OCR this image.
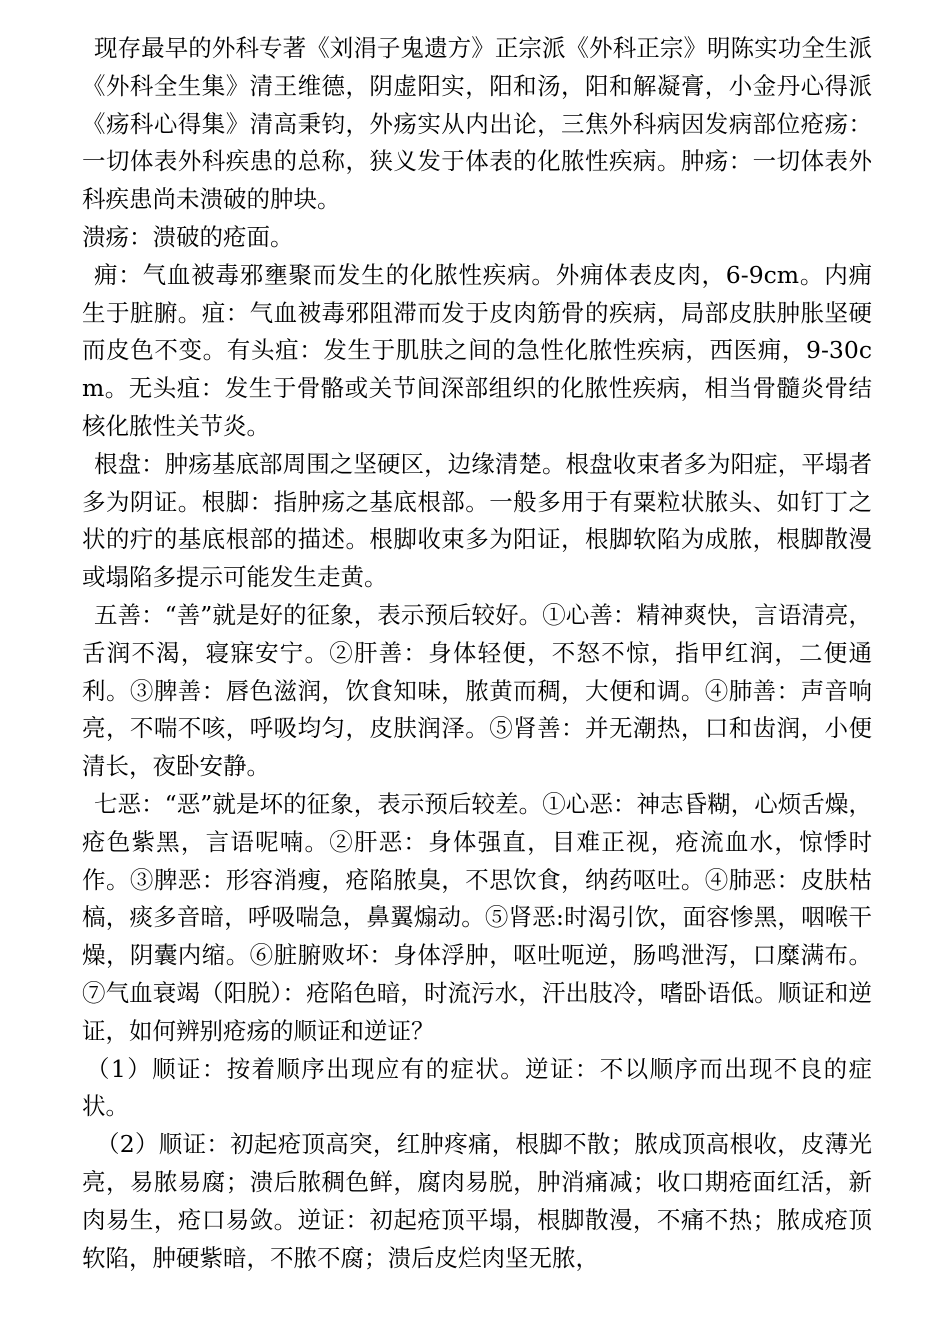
现存最早的外科专著《刘涓子鬼遗方》正宗派《外科正宗》明陈实功全生派《外科全生集》清王维德，阴虚阳实，阳和汤，阳和解凝膏，小金丹心得派《疡科心得集》清高秉钧，外疡实从内出论，三焦外科病因发病部位疮疡：一切体表外科疾患的总称，狭义发于体表的化脓性疾病。肿疡：一切体表外科疾患尚未溃破的肿块。

溃疡：溃破的疮面。

痈：气血被毒邪壅聚而发生的化脓性疾病。外痈体表皮肉，6-9cm。内痈生于脏腑。疽：气血被毒邪阻滞而发于皮肉筋骨的疾病，局部皮肤肿胀坚硬而皮色不变。有头疽：发生于肌肤之间的急性化脓性疾病，西医痈，9-30cm。无头疽：发生于骨骼或关节间深部组织的化脓性疾病，相当骨髓炎骨结核化脓性关节炎。

根盘：肿疡基底部周围之坚硬区，边缘清楚。根盘收束者多为阳症，平塌者多为阴证。根脚：指肿疡之基底根部。一般多用于有粟粒状脓头、如钉丁之状的疔的基底根部的描述。根脚收束多为阳证，根脚软陷为成脓，根脚散漫或塌陷多提示可能发生走黄。

五善：“善”就是好的征象，表示预后较好。①心善：精神爽快，言语清亮，舌润不渴，寝寐安宁。②肝善：身体轻便，不怒不惊，指甲红润，二便通利。③脾善：唇色滋润，饮食知味，脓黄而稠，大便和调。④肺善：声音响亮，不喘不咳，呼吸均匀，皮肤润泽。⑤肾善：并无潮热，口和齿润，小便清长，夜卧安静。

七恶：“恶”就是坏的征象，表示预后较差。①心恶：神志昏糊，心烦舌燥，疮色紫黑，言语呢喃。②肝恶：身体强直，目难正视，疮流血水，惊悸时作。③脾恶：形容消瘦，疮陷脓臭，不思饮食，纳药呕吐。④肺恶：皮肤枯槁，痰多音暗，呼吸喘急，鼻翼煽动。⑤肾恶:时渴引饮，面容惨黑，咽喉干燥，阴囊内缩。⑥脏腑败坏：身体浮肿，呕吐呃逆，肠鸣泄泻，口糜满布。⑦气血衰竭（阳脱）：疮陷色暗，时流污水，汗出肢冷，嗜卧语低。顺证和逆证，如何辨别疮疡的顺证和逆证？

（1）顺证：按着顺序出现应有的症状。逆证：不以顺序而出现不良的症状。

（2）顺证：初起疮顶高突，红肿疼痛，根脚不散；脓成顶高根收，皮薄光亮，易脓易腐；溃后脓稠色鲜，腐肉易脱，肿消痛减；收口期疮面红活，新肉易生，疮口易敛。逆证：初起疮顶平塌，根脚散漫，不痛不热；脓成疮顶软陷，肿硬紫暗，不脓不腐；溃后皮烂肉坚无脓，
